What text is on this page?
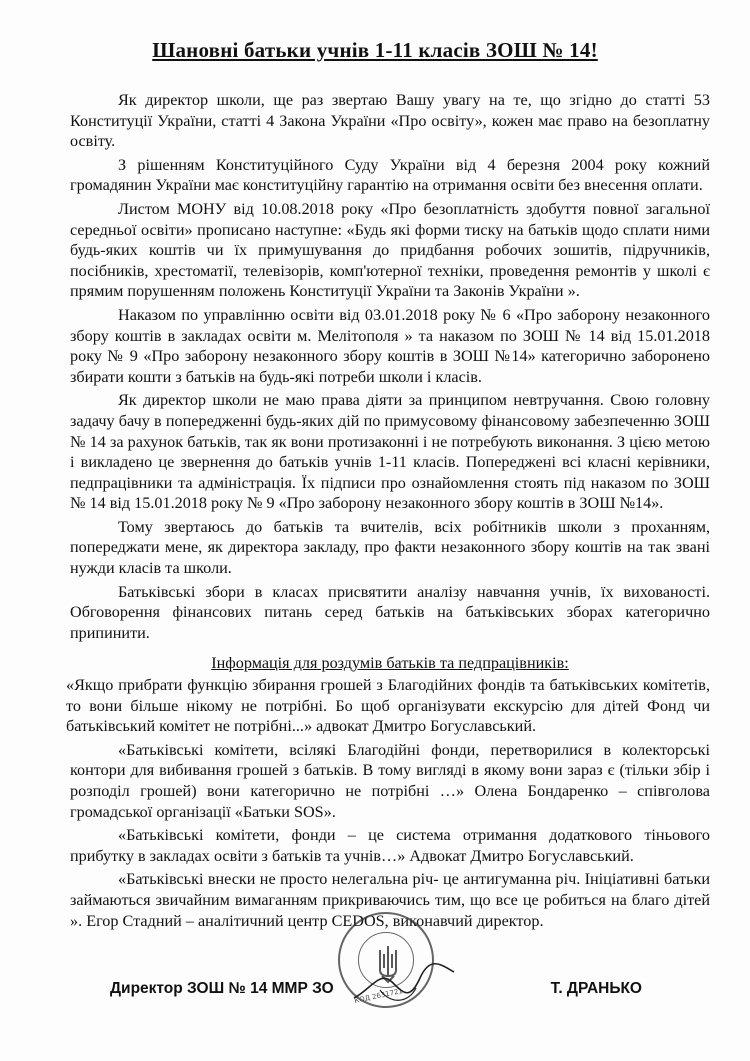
Шановні батьки учнів 1-11 класів ЗОШ № 14!

Як директор школи, ще раз звертаю Вашу увагу на те, що згідно до статті 53 Конституції України, статті 4 Закона України «Про освіту», кожен має право на безоплатну освіту.

З рішенням Конституційного Суду України від 4 березня 2004 року кожний громадянин України має конституційну гарантію на отримання освіти без внесення оплати.

Листом МОНУ від 10.08.2018 року «Про безоплатність здобуття повної загальної середньої освіти» прописано наступне: «Будь які форми тиску на батьків щодо сплати ними будь-яких коштів чи їх примушування до придбання робочих зошитів, підручників, посібників, хрестоматії, телевізорів, комп'ютерної техніки, проведення ремонтів у школі є прямим порушенням положень Конституції України та Законів України ».

Наказом по управлінню освіти від 03.01.2018 року № 6 «Про заборону незаконного збору коштів в закладах освіти м. Мелітополя » та наказом по ЗОШ № 14 від 15.01.2018 року № 9 «Про заборону незаконного збору коштів в ЗОШ №14» категорично заборонено збирати кошти з батьків на будь-які потреби школи і класів.

Як директор школи не маю права діяти за принципом невтручання. Свою головну задачу бачу в попередженні будь-яких дій по примусовому фінансовому забезпеченню ЗОШ № 14 за рахунок батьків, так як вони протизаконні і не потребують виконання. З цією метою і викладено це звернення до батьків учнів 1-11 класів. Попереджені всі класні керівники, педпрацівники та адміністрація. Їх підписи про ознайомлення стоять під наказом по ЗОШ № 14 від 15.01.2018 року № 9 «Про заборону незаконного збору коштів в ЗОШ №14».

Тому звертаюсь до батьків та вчителів, всіх робітників школи з проханням, попереджати мене, як директора закладу, про факти незаконного збору коштів на так звані нужди класів та школи.

Батьківські збори в класах присвятити аналізу навчання учнів, їх вихованості. Обговорення фінансових питань серед батьків на батьківських зборах категорично припинити.

Інформація для роздумів батьків та педпрацівників:

«Якщо прибрати функцію збирання грошей з Благодійних фондів та батьківських комітетів, то вони більше нікому не потрібні. Бо щоб організувати екскурсію для дітей Фонд чи батьківський комітет не потрібні...» адвокат Дмитро Богуславський.

«Батьківські комітети, всілякі Благодійні фонди, перетворилися в колекторські контори для вибивання грошей з батьків. В тому вигляді в якому вони зараз є (тільки збір і розподіл грошей) вони категорично не потрібні …» Олена Бондаренко – співголова громадської організації «Батьки SOS».

«Батьківські комітети, фонди – це система отримання додаткового тіньового прибутку в закладах освіти з батьків та учнів…» Адвокат Дмитро Богуславський.

«Батьківські внески не просто нелегальна річ- це антигуманна річ. Ініціативні батьки займаються звичайним вимаганням прикриваючись тим, що все це робиться на благо дітей ». Егор Стадний – аналітичний центр CEDOS, виконавчий директор.

КОД 2631721
Директор ЗОШ № 14 ММР ЗО	Т. ДРАНЬКО
